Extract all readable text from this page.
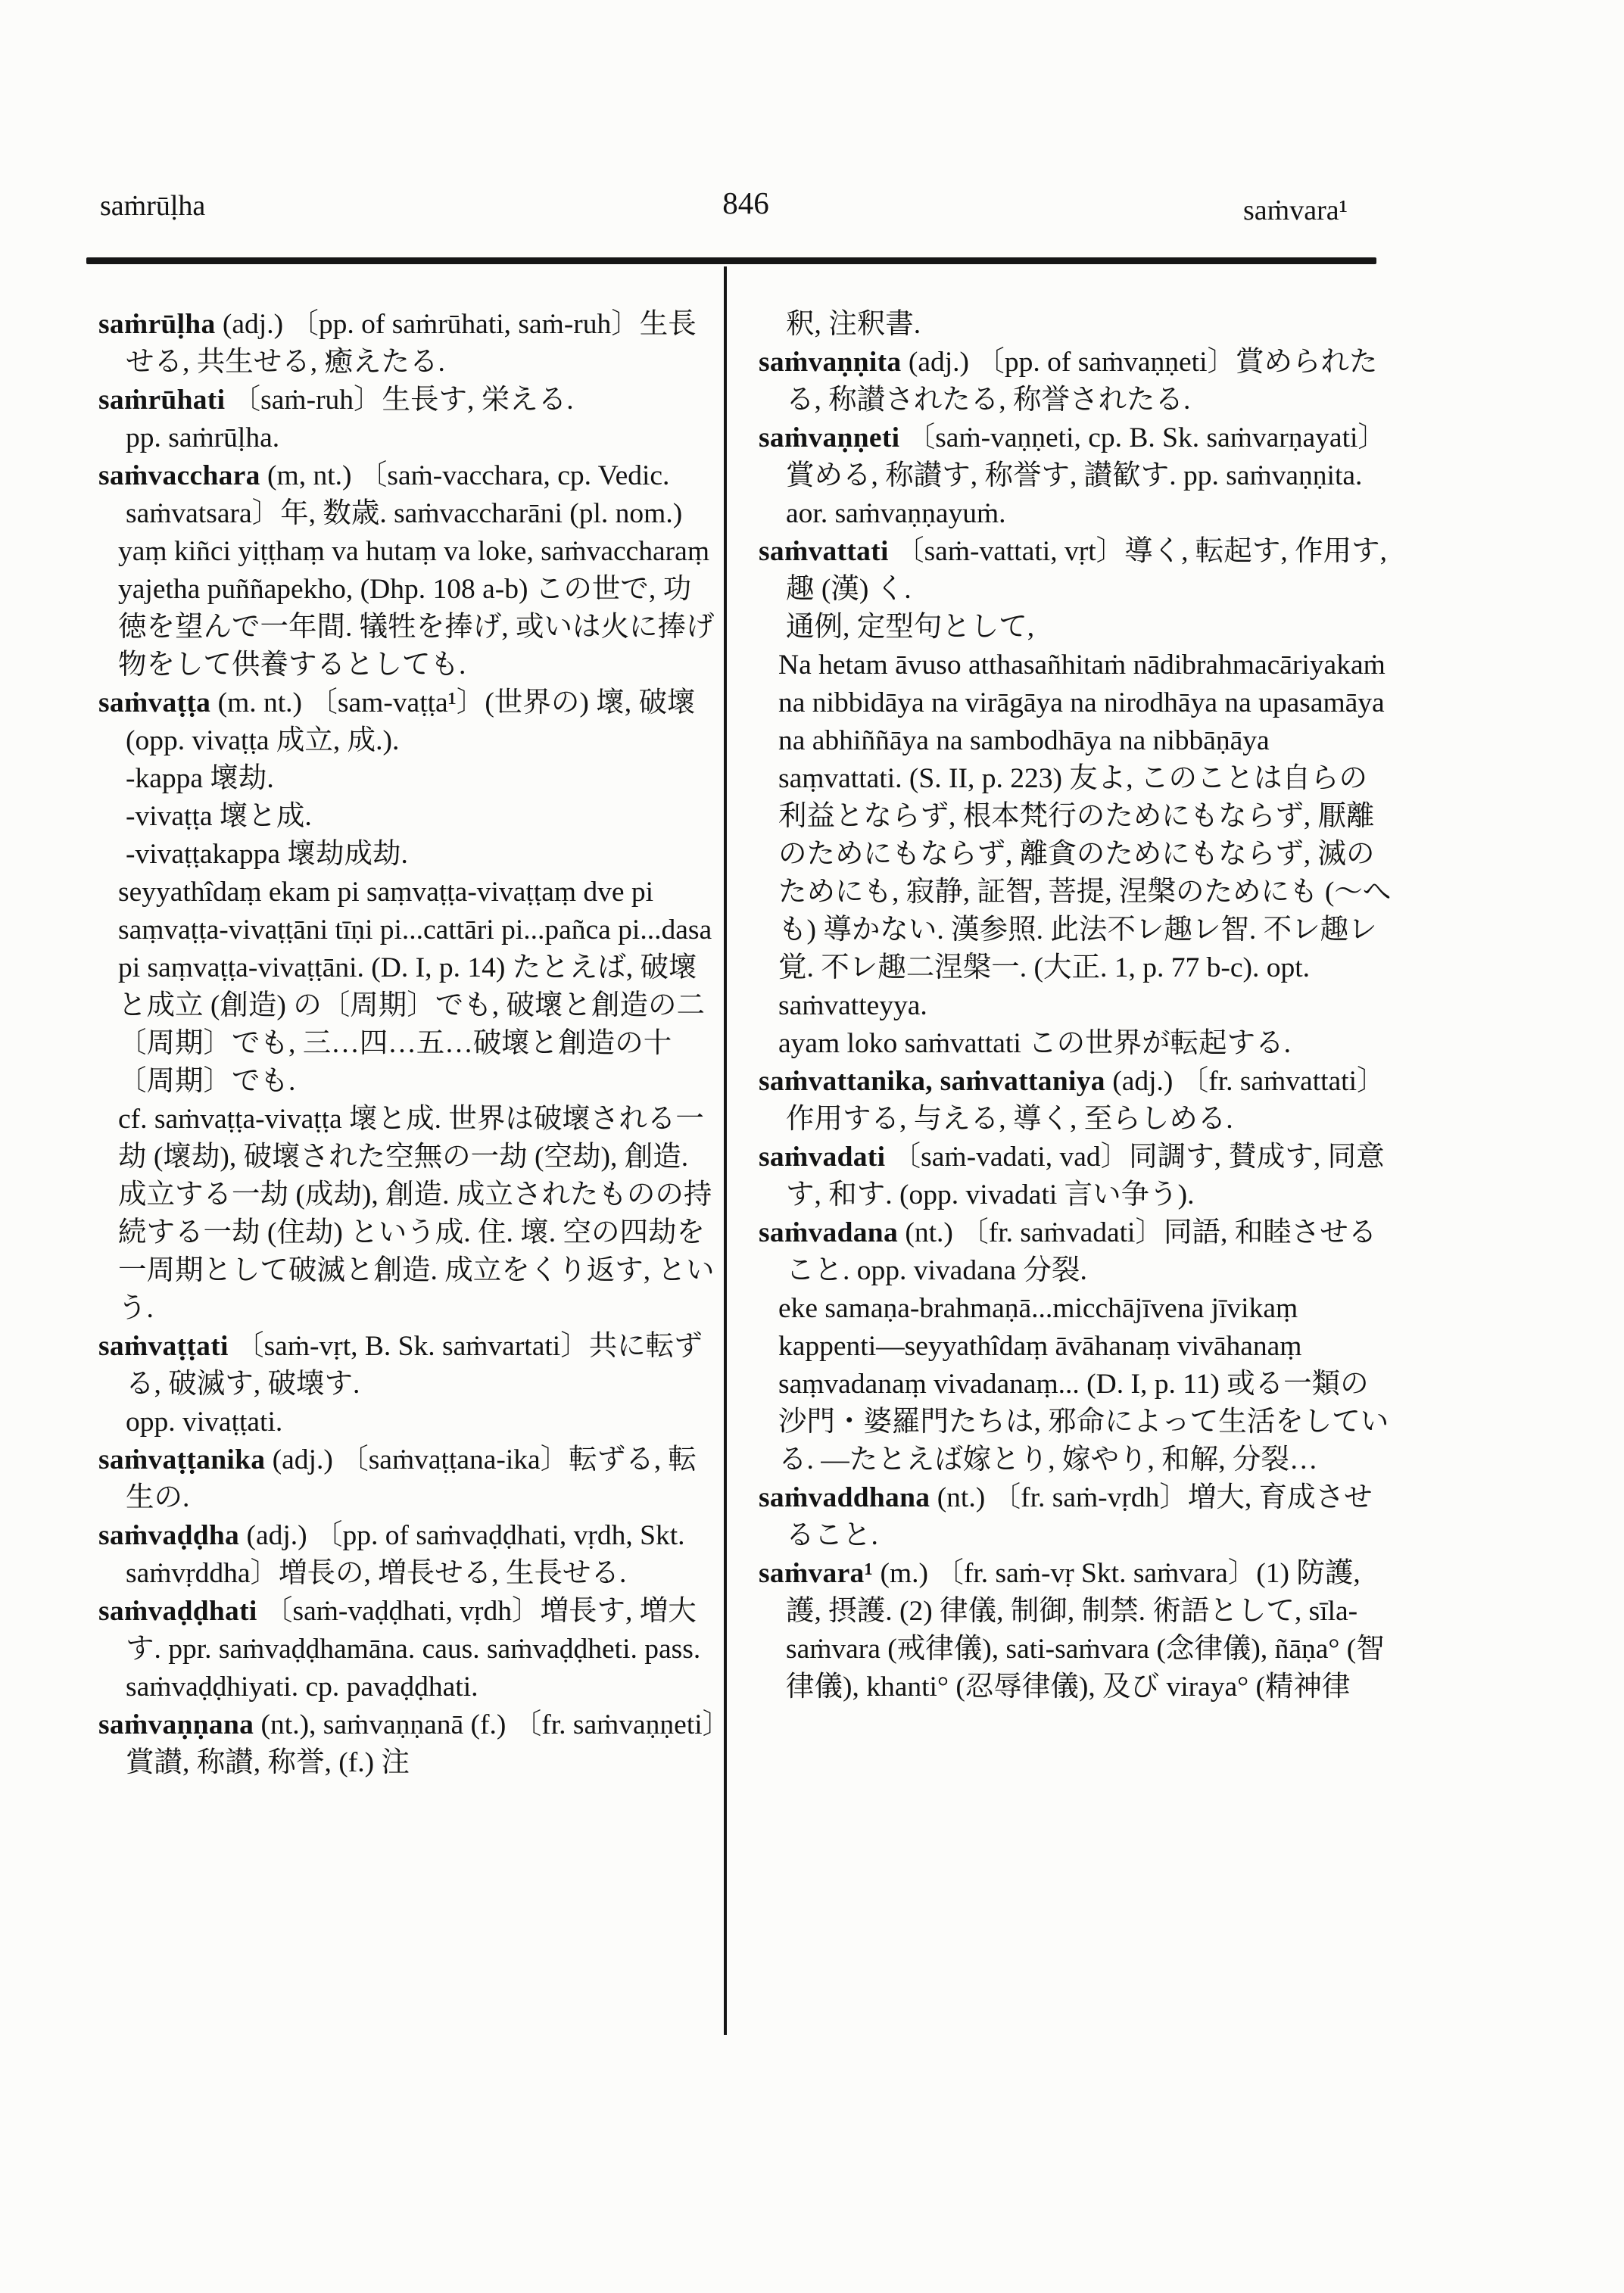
saṁrūḷha	846	saṁvara¹

saṁrūḷha (adj.) 〔pp. of saṁrūhati, saṁ-ruh〕生長せる, 共生せる, 癒えたる.

saṁrūhati 〔saṁ-ruh〕生長す, 栄える.

pp. saṁrūḷha.

saṁvacchara (m, nt.) 〔saṁ-vacchara, cp. Vedic. saṁvatsara〕年, 数歳. saṁvaccharāni (pl. nom.)

yaṃ kiñci yiṭṭhaṃ va hutaṃ va loke, saṁvaccharaṃ yajetha puññapekho, (Dhp. 108 a-b) この世で, 功徳を望んで一年間. 犠牲を捧げ, 或いは火に捧げ物をして供養するとしても.

saṁvaṭṭa (m. nt.) 〔sam-vaṭṭa¹〕(世界の) 壞, 破壞 (opp. vivaṭṭa 成立, 成.).

-kappa 壞劫.

-vivaṭṭa 壞と成.

-vivaṭṭakappa 壞劫成劫.

seyyathîdaṃ ekam pi saṃvaṭṭa-vivaṭṭaṃ dve pi saṃvaṭṭa-vivaṭṭāni tīṇi pi...cattāri pi...pañca pi...dasa pi saṃvaṭṭa-vivaṭṭāni. (D. I, p. 14) たとえば, 破壞と成立 (創造) の〔周期〕でも, 破壞と創造の二〔周期〕でも, 三…四…五…破壞と創造の十〔周期〕でも.

cf. saṁvaṭṭa-vivaṭṭa 壞と成. 世界は破壞される一劫 (壞劫), 破壞された空無の一劫 (空劫), 創造. 成立する一劫 (成劫), 創造. 成立されたものの持続する一劫 (住劫) という成. 住. 壞. 空の四劫を一周期として破滅と創造. 成立をくり返す, という.

saṁvaṭṭati 〔saṁ-vṛt, B. Sk. saṁvartati〕共に転ずる, 破滅す, 破壊す.

opp. vivaṭṭati.

saṁvaṭṭanika (adj.) 〔saṁvaṭṭana-ika〕転ずる, 転生の.

saṁvaḍḍha (adj.) 〔pp. of saṁvaḍḍhati, vṛdh, Skt. saṁvṛddha〕増長の, 増長せる, 生長せる.

saṁvaḍḍhati 〔saṁ-vaḍḍhati, vṛdh〕増長す, 増大す. ppr. saṁvaḍḍhamāna. caus. saṁvaḍḍheti. pass. saṁvaḍḍhiyati. cp. pavaḍḍhati.

saṁvaṇṇana (nt.), saṁvaṇṇanā (f.) 〔fr. saṁvaṇṇeti〕賞讃, 称讃, 称誉, (f.) 注

釈, 注釈書.

saṁvaṇṇita (adj.) 〔pp. of saṁvaṇṇeti〕賞められたる, 称讃されたる, 称誉されたる.

saṁvaṇṇeti 〔saṁ-vaṇṇeti, cp. B. Sk. saṁvarṇayati〕賞める, 称讃す, 称誉す, 讃歓す. pp. saṁvaṇṇita. aor. saṁvaṇṇayuṁ.

saṁvattati 〔saṁ-vattati, vṛt〕導く, 転起す, 作用す, 趣 (漢) く.

通例, 定型句として,

Na hetam āvuso atthasañhitaṁ nādibrahmacāriyakaṁ na nibbidāya na virāgāya na nirodhāya na upasamāya na abhiññāya na sambodhāya na nibbāṇāya saṃvattati. (S. II, p. 223) 友よ, このことは自らの利益とならず, 根本梵行のためにもならず, 厭離のためにもならず, 離貪のためにもならず, 滅のためにも, 寂静, 証智, 菩提, 涅槃のためにも (〜へも) 導かない. 漢参照. 此法不レ趣レ智. 不レ趣レ覚. 不レ趣二涅槃一. (大正. 1, p. 77 b-c). opt. saṁvatteyya.

ayam loko saṁvattati この世界が転起する.

saṁvattanika, saṁvattaniya (adj.) 〔fr. saṁvattati〕作用する, 与える, 導く, 至らしめる.

saṁvadati 〔saṁ-vadati, vad〕同調す, 賛成す, 同意す, 和す. (opp. vivadati 言い争う).

saṁvadana (nt.) 〔fr. saṁvadati〕同語, 和睦させること. opp. vivadana 分裂.

eke samaṇa-brahmaṇā...micchājīvena jīvikaṃ kappenti—seyyathîdaṃ āvāhanaṃ vivāhanaṃ saṃvadanaṃ vivadanaṃ... (D. I, p. 11) 或る一類の沙門・婆羅門たちは, 邪命によって生活をしている. —たとえば嫁とり, 嫁やり, 和解, 分裂…

saṁvaddhana (nt.) 〔fr. saṁ-vṛdh〕増大, 育成させること.

saṁvara¹ (m.) 〔fr. saṁ-vṛ Skt. saṁvara〕(1) 防護, 護, 摂護. (2) 律儀, 制御, 制禁. 術語として, sīla-saṁvara (戒律儀), sati-saṁvara (念律儀), ñāṇa° (智律儀), khanti° (忍辱律儀), 及び viraya° (精神律
